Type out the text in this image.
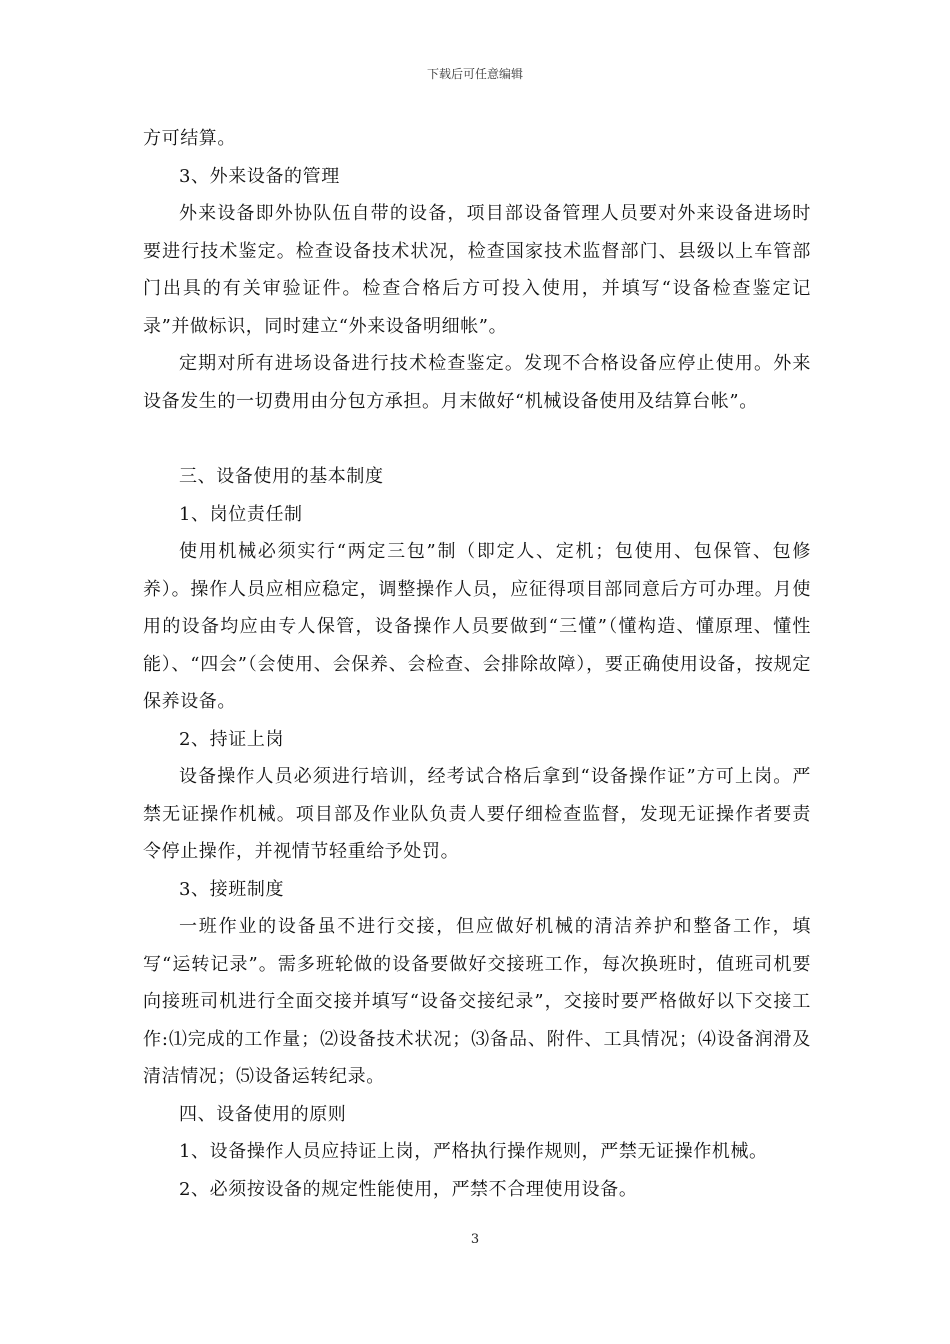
下载后可任意编辑

方可结算。

3、外来设备的管理

外来设备即外协队伍自带的设备，项目部设备管理人员要对外来设备进场时要进行技术鉴定。检查设备技术状况，检查国家技术监督部门、县级以上车管部门出具的有关审验证件。检查合格后方可投入使用，并填写“设备检查鉴定记录”并做标识，同时建立“外来设备明细帐”。

定期对所有进场设备进行技术检查鉴定。发现不合格设备应停止使用。外来设备发生的一切费用由分包方承担。月末做好“机械设备使用及结算台帐”。

三、设备使用的基本制度

1、岗位责任制

使用机械必须实行“两定三包”制（即定人、定机；包使用、包保管、包修养）。操作人员应相应稳定，调整操作人员，应征得项目部同意后方可办理。月使用的设备均应由专人保管，设备操作人员要做到“三懂”（懂构造、懂原理、懂性能）、“四会”（会使用、会保养、会检查、会排除故障），要正确使用设备，按规定保养设备。

2、持证上岗

设备操作人员必须进行培训，经考试合格后拿到“设备操作证”方可上岗。严禁无证操作机械。项目部及作业队负责人要仔细检查监督，发现无证操作者要责令停止操作，并视情节轻重给予处罚。

3、接班制度

一班作业的设备虽不进行交接，但应做好机械的清洁养护和整备工作，填写“运转记录”。需多班轮做的设备要做好交接班工作，每次换班时，值班司机要向接班司机进行全面交接并填写“设备交接纪录”，交接时要严格做好以下交接工作:⑴完成的工作量；⑵设备技术状况；⑶备品、附件、工具情况；⑷设备润滑及清洁情况；⑸设备运转纪录。

四、设备使用的原则

1、设备操作人员应持证上岗，严格执行操作规则，严禁无证操作机械。

2、必须按设备的规定性能使用，严禁不合理使用设备。

3
